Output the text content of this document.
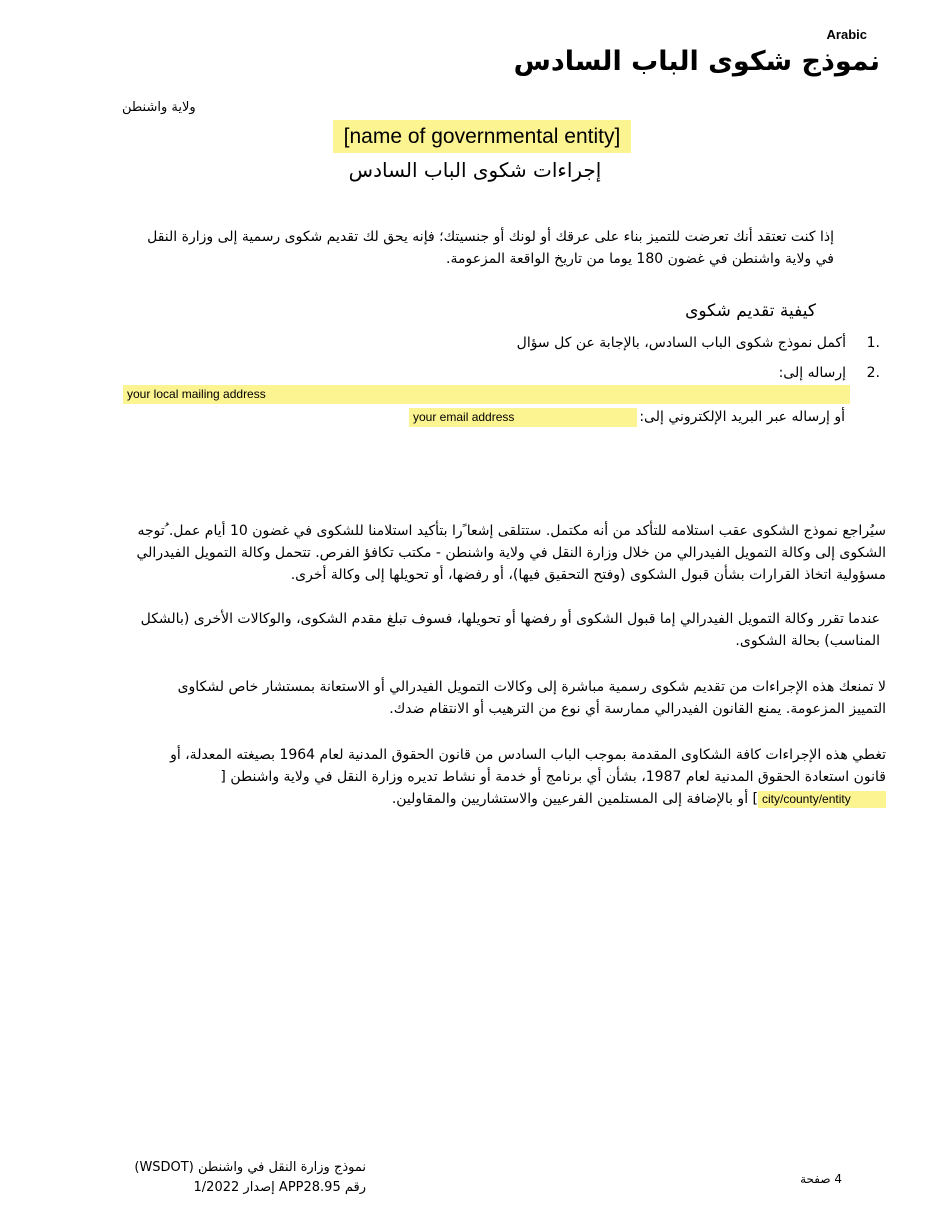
Arabic
نموذج شكوى الباب السادس
ولاية واشنطن
[name of governmental entity]
إجراءات شكوى الباب السادس
إذا كنت تعتقد أنك تعرضت للتميز بناء على عرقك أو لونك أو جنسيتك؛ فإنه يحق لك تقديم شكوى رسمية إلى وزارة النقل في ولاية واشنطن في غضون 180 يوما من تاريخ الواقعة المزعومة.
كيفية تقديم شكوى
.1
أكمل نموذج شكوى الباب السادس، بالإجابة عن كل سؤال
.2
إرساله إلى:
your local mailing address
أو إرساله عبر البريد الإلكتروني إلى:
your email address
سيُراجع نموذج الشكوى عقب استلامه للتأكد من أنه مكتمل. ستتلقى إشعا ًرا بتأكيد استلامنا للشكوى في غضون 10 أيام عمل. ُتوجه الشكوى إلى وكالة التمويل الفيدرالي من خلال وزارة النقل في ولاية واشنطن - مكتب تكافؤ الفرص. تتحمل وكالة التمويل الفيدرالي مسؤولية اتخاذ القرارات بشأن قبول الشكوى (وفتح التحقيق فيها)، أو رفضها، أو تحويلها إلى وكالة أخرى.
عندما تقرر وكالة التمويل الفيدرالي إما قبول الشكوى أو رفضها أو تحويلها، فسوف تبلغ مقدم الشكوى، والوكالات الأخرى (بالشكل المناسب) بحالة الشكوى.
لا تمنعك هذه الإجراءات من تقديم شكوى رسمية مباشرة إلى وكالات التمويل الفيدرالي أو الاستعانة بمستشار خاص لشكاوى التمييز المزعومة. يمنع القانون الفيدرالي ممارسة أي نوع من الترهيب أو الانتقام ضدك.
تغطي هذه الإجراءات كافة الشكاوى المقدمة بموجب الباب السادس من قانون الحقوق المدنية لعام 1964 بصيغته المعدلة، أو قانون استعادة الحقوق المدنية لعام 1987، بشأن أي برنامج أو خدمة أو نشاط تديره وزارة النقل في ولاية واشنطن [city/county/entity] أو بالإضافة إلى المستلمين الفرعيين والاستشاريين والمقاولين.
نموذج وزارة النقل في واشنطن (WSDOT)
رقم APP28.95 إصدار 1/2022
4 صفحة
